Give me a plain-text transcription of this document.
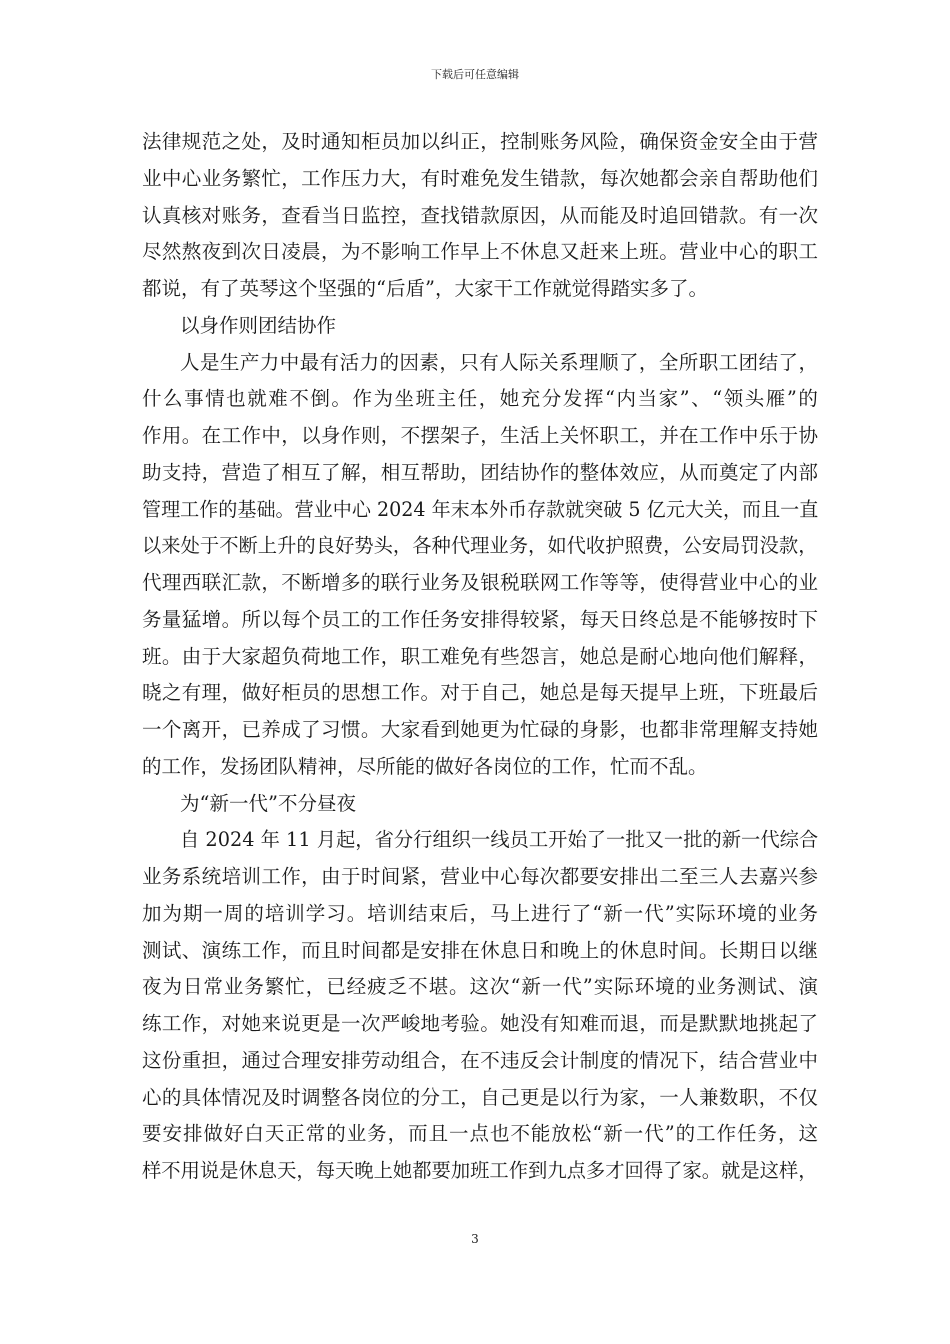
下载后可任意编辑
法律规范之处，及时通知柜员加以纠正，控制账务风险，确保资金安全由于营
业中心业务繁忙，工作压力大，有时难免发生错款，每次她都会亲自帮助他们
认真核对账务，查看当日监控，查找错款原因，从而能及时追回错款。有一次
尽然熬夜到次日凌晨，为不影响工作早上不休息又赶来上班。营业中心的职工
都说，有了英琴这个坚强的“后盾”，大家干工作就觉得踏实多了。
以身作则团结协作
人是生产力中最有活力的因素，只有人际关系理顺了，全所职工团结了，
什么事情也就难不倒。作为坐班主任，她充分发挥“内当家”、“领头雁”的
作用。在工作中，以身作则，不摆架子，生活上关怀职工，并在工作中乐于协
助支持，营造了相互了解，相互帮助，团结协作的整体效应，从而奠定了内部
管理工作的基础。营业中心 2024 年末本外币存款就突破 5 亿元大关，而且一直
以来处于不断上升的良好势头，各种代理业务，如代收护照费，公安局罚没款，
代理西联汇款，不断增多的联行业务及银税联网工作等等，使得营业中心的业
务量猛增。所以每个员工的工作任务安排得较紧，每天日终总是不能够按时下
班。由于大家超负荷地工作，职工难免有些怨言，她总是耐心地向他们解释，
晓之有理，做好柜员的思想工作。对于自己，她总是每天提早上班，下班最后
一个离开，已养成了习惯。大家看到她更为忙碌的身影，也都非常理解支持她
的工作，发扬团队精神，尽所能的做好各岗位的工作，忙而不乱。
为“新一代”不分昼夜
自 2024 年 11 月起，省分行组织一线员工开始了一批又一批的新一代综合
业务系统培训工作，由于时间紧，营业中心每次都要安排出二至三人去嘉兴参
加为期一周的培训学习。培训结束后，马上进行了“新一代”实际环境的业务
测试、演练工作，而且时间都是安排在休息日和晚上的休息时间。长期日以继
夜为日常业务繁忙，已经疲乏不堪。这次“新一代”实际环境的业务测试、演
练工作，对她来说更是一次严峻地考验。她没有知难而退，而是默默地挑起了
这份重担，通过合理安排劳动组合，在不违反会计制度的情况下，结合营业中
心的具体情况及时调整各岗位的分工，自己更是以行为家，一人兼数职，不仅
要安排做好白天正常的业务，而且一点也不能放松“新一代”的工作任务，这
样不用说是休息天，每天晚上她都要加班工作到九点多才回得了家。就是这样，
3
